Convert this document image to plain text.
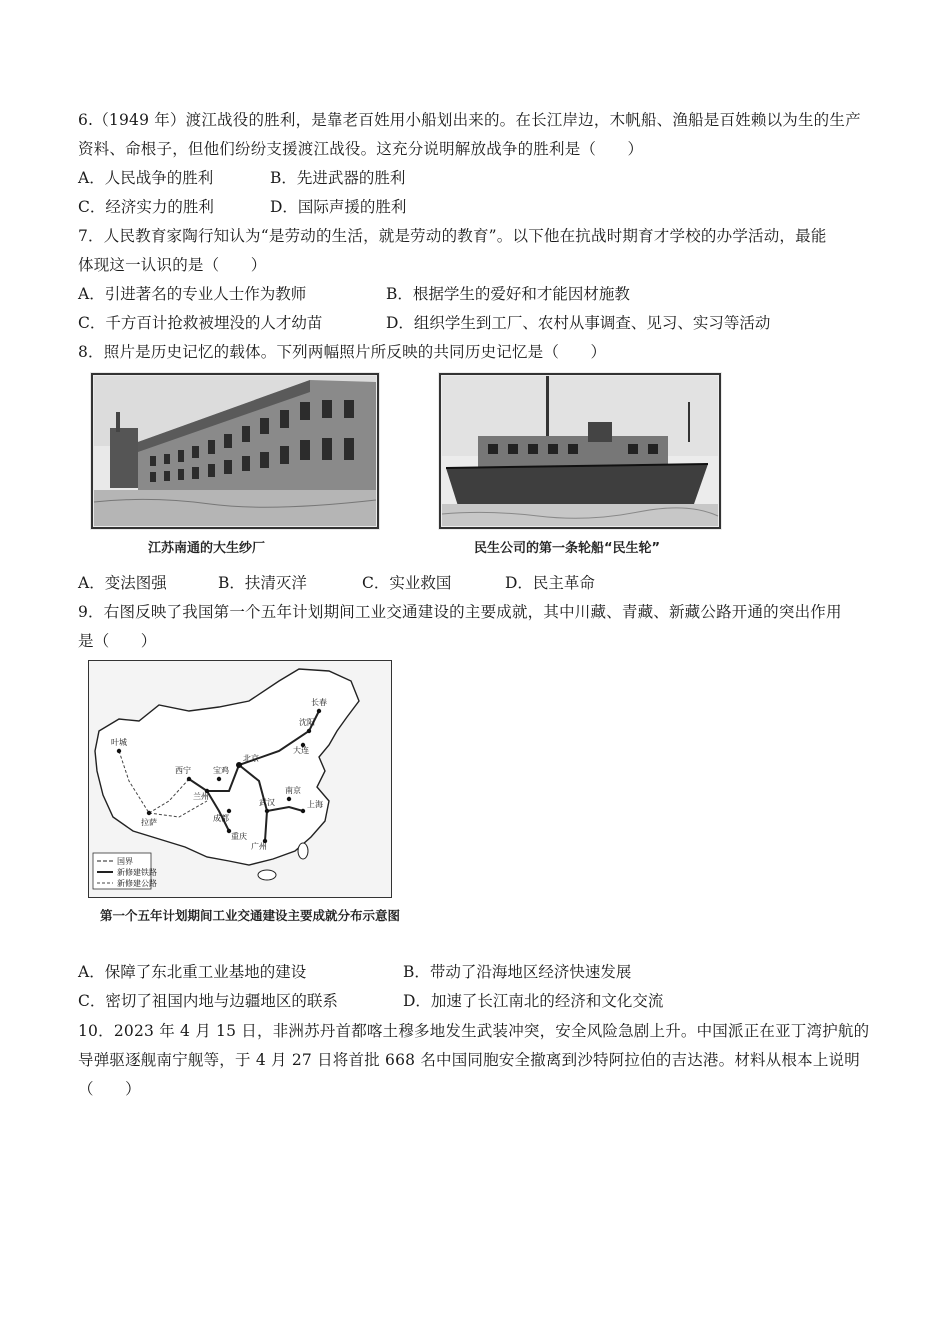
6.（1949 年）渡江战役的胜利，是靠老百姓用小船划出来的。在长江岸边，木帆船、渔船是百姓赖以为生的生产
资料、命根子，但他们纷纷支援渡江战役。这充分说明解放战争的胜利是（　　）
A．人民战争的胜利	B．先进武器的胜利
C．经济实力的胜利	D．国际声援的胜利
7．人民教育家陶行知认为“是劳动的生活，就是劳动的教育”。以下他在抗战时期育才学校的办学活动，最能
体现这一认识的是（　　）
A．引进著名的专业人士作为教师	B．根据学生的爱好和才能因材施教
C．千方百计抢救被埋没的人才幼苗	D．组织学生到工厂、农村从事调查、见习、实习等活动
8．照片是历史记忆的载体。下列两幅照片所反映的共同历史记忆是（　　）
江苏南通的大生纱厂	民生公司的第一条轮船“民生轮”
A．变法图强	B．扶清灭洋	C．实业救国	D．民主革命
9．右图反映了我国第一个五年计划期间工业交通建设的主要成就，其中川藏、青藏、新藏公路开通的突出作用
是（　　）
北京
沈阳
长春
大连
西宁
兰州
宝鸡
成都
武汉	上海
拉萨
广州
叶城
南京
重庆
国界
新修建铁路
新修建公路
第一个五年计划期间工业交通建设主要成就分布示意图
A．保障了东北重工业基地的建设	B．带动了沿海地区经济快速发展
C．密切了祖国内地与边疆地区的联系	D．加速了长江南北的经济和文化交流
10．2023 年 4 月 15 日，非洲苏丹首都喀土穆多地发生武装冲突，安全风险急剧上升。中国派正在亚丁湾护航的
导弹驱逐舰南宁舰等，于 4 月 27 日将首批 668 名中国同胞安全撤离到沙特阿拉伯的吉达港。材料从根本上说明
（　　）
